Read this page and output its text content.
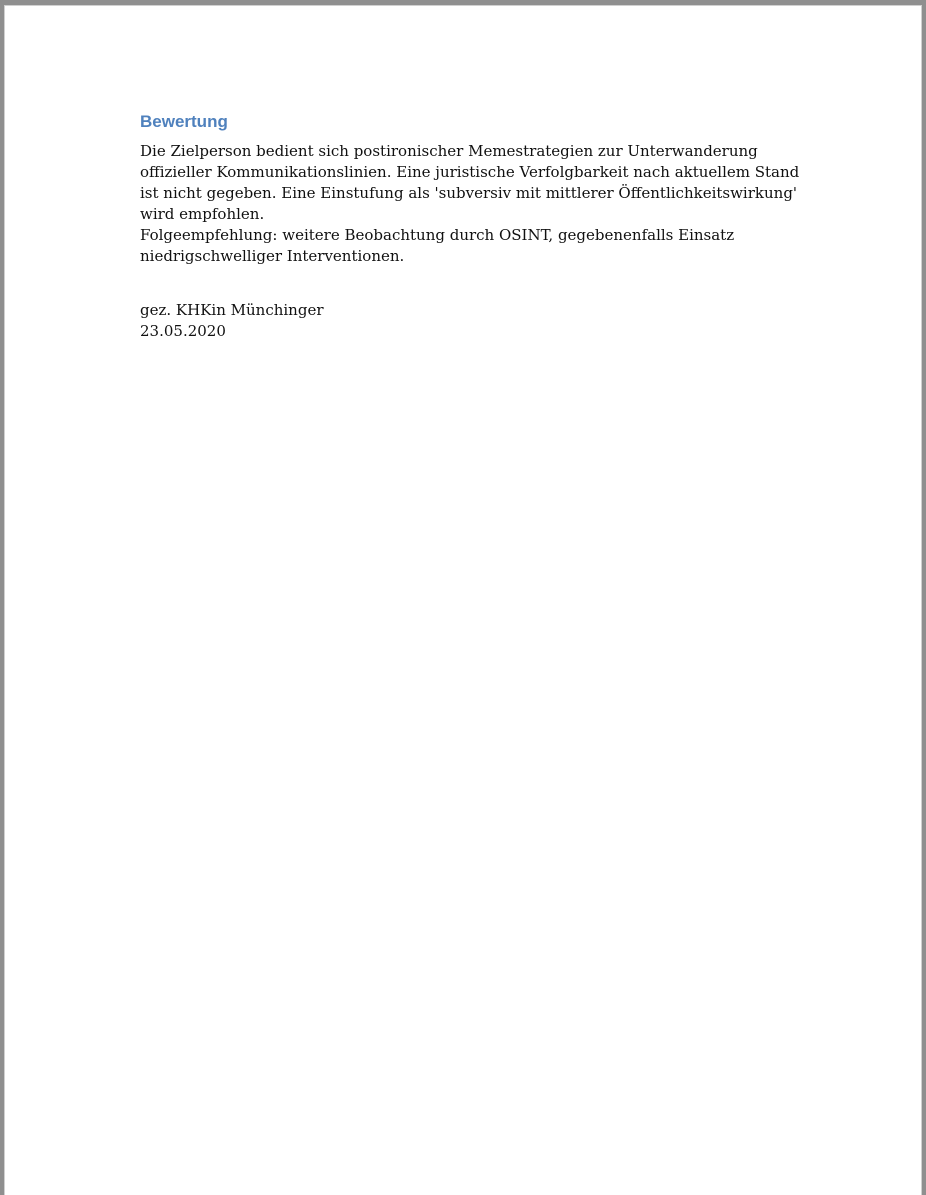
Bewertung

Die Zielperson bedient sich postironischer Memestrategien zur Unterwanderung offizieller Kommunikationslinien. Eine juristische Verfolgbarkeit nach aktuellem Stand ist nicht gegeben. Eine Einstufung als 'subversiv mit mittlerer Öffentlichkeitswirkung' wird empfohlen.

Folgeempfehlung: weitere Beobachtung durch OSINT, gegebenenfalls Einsatz niedrigschwelliger Interventionen.

gez. KHKin Münchinger

23.05.2020
